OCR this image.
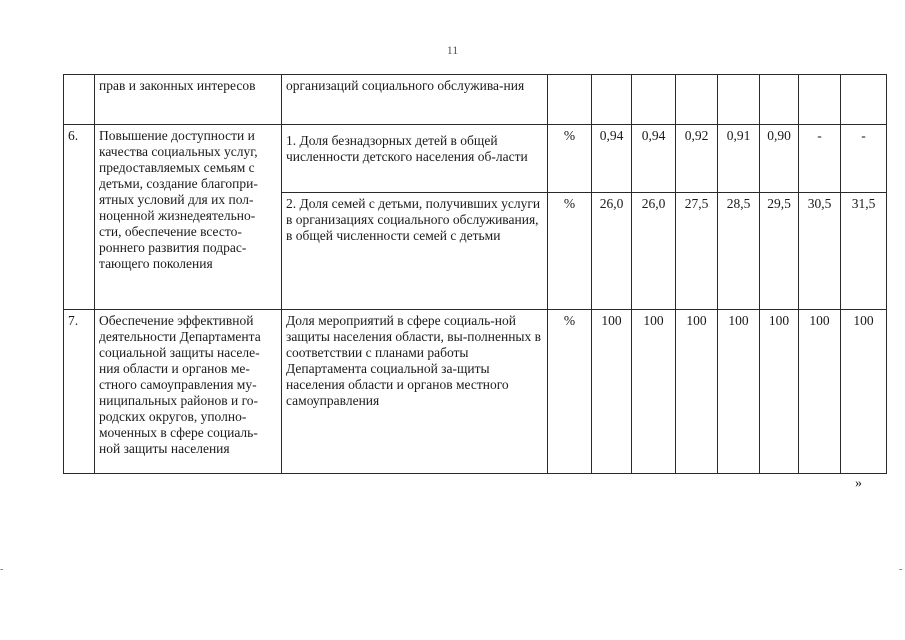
11
	прав и законных интересов	организаций социального обслужива-ния								
6.	Повышение доступности и качества социальных услуг, предоставляемых семьям с детьми, создание благопри-ятных условий для их пол-ноценной жизнедеятельно-сти, обеспечение всесто-роннего развития подрас-тающего поколения	1. Доля безнадзорных детей в общей численности детского населения об-ласти	%	0,94	0,94	0,92	0,91	0,90	-	-
		2. Доля семей с детьми, получивших услуги в организациях социального обслуживания, в общей численности семей с детьми	%	26,0	26,0	27,5	28,5	29,5	30,5	31,5
7.	Обеспечение эффективной деятельности Департамента социальной защиты населе-ния области и органов ме-стного самоуправления му-ниципальных районов и го-родских округов, уполно-моченных в сфере социаль-ной защиты населения	Доля мероприятий в сфере социаль-ной защиты населения области, вы-полненных в соответствии с планами работы Департамента социальной за-щиты населения области и органов местного самоуправления	%	100	100	100	100	100	100	100
»
-	-
